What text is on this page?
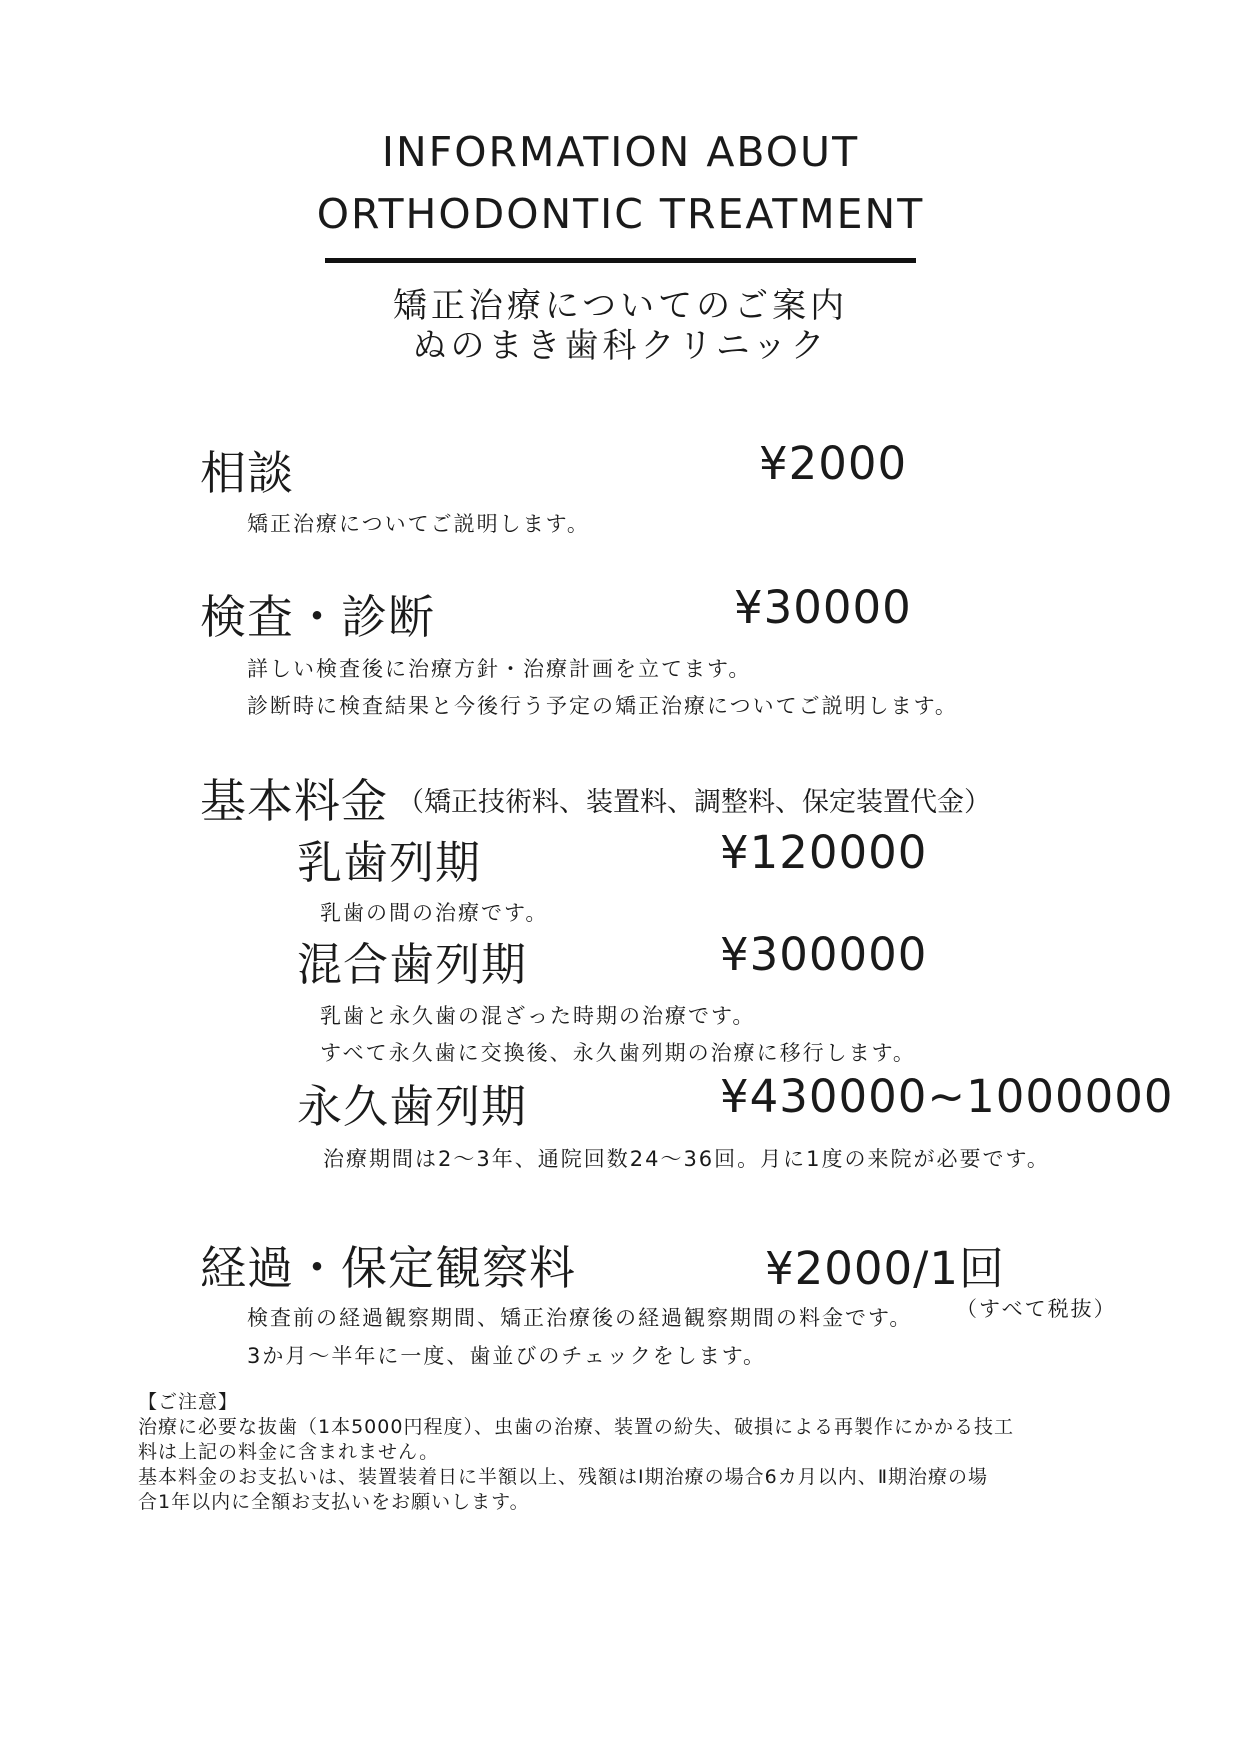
INFORMATION ABOUT
ORTHODONTIC TREATMENT
矯正治療についてのご案内
ぬのまき歯科クリニック
相談	¥2000
矯正治療についてご説明します。
検査・診断	¥30000
詳しい検査後に治療方針・治療計画を立てます。
診断時に検査結果と今後行う予定の矯正治療についてご説明します。
基本料金 （矯正技術料、装置料、調整料、保定装置代金）
乳歯列期	¥120000
乳歯の間の治療です。
混合歯列期	¥300000
乳歯と永久歯の混ざった時期の治療です。
すべて永久歯に交換後、永久歯列期の治療に移行します。
永久歯列期	¥430000~1000000
治療期間は2〜3年、通院回数24〜36回。月に1度の来院が必要です。
経過・保定観察料	¥2000/1回
（すべて税抜）
検査前の経過観察期間、矯正治療後の経過観察期間の料金です。
3か月〜半年に一度、歯並びのチェックをします。
【ご注意】
治療に必要な抜歯（1本5000円程度）、虫歯の治療、装置の紛失、破損による再製作にかかる技工
料は上記の料金に含まれません。
基本料金のお支払いは、装置装着日に半額以上、残額はⅠ期治療の場合6カ月以内、Ⅱ期治療の場
合1年以内に全額お支払いをお願いします。
